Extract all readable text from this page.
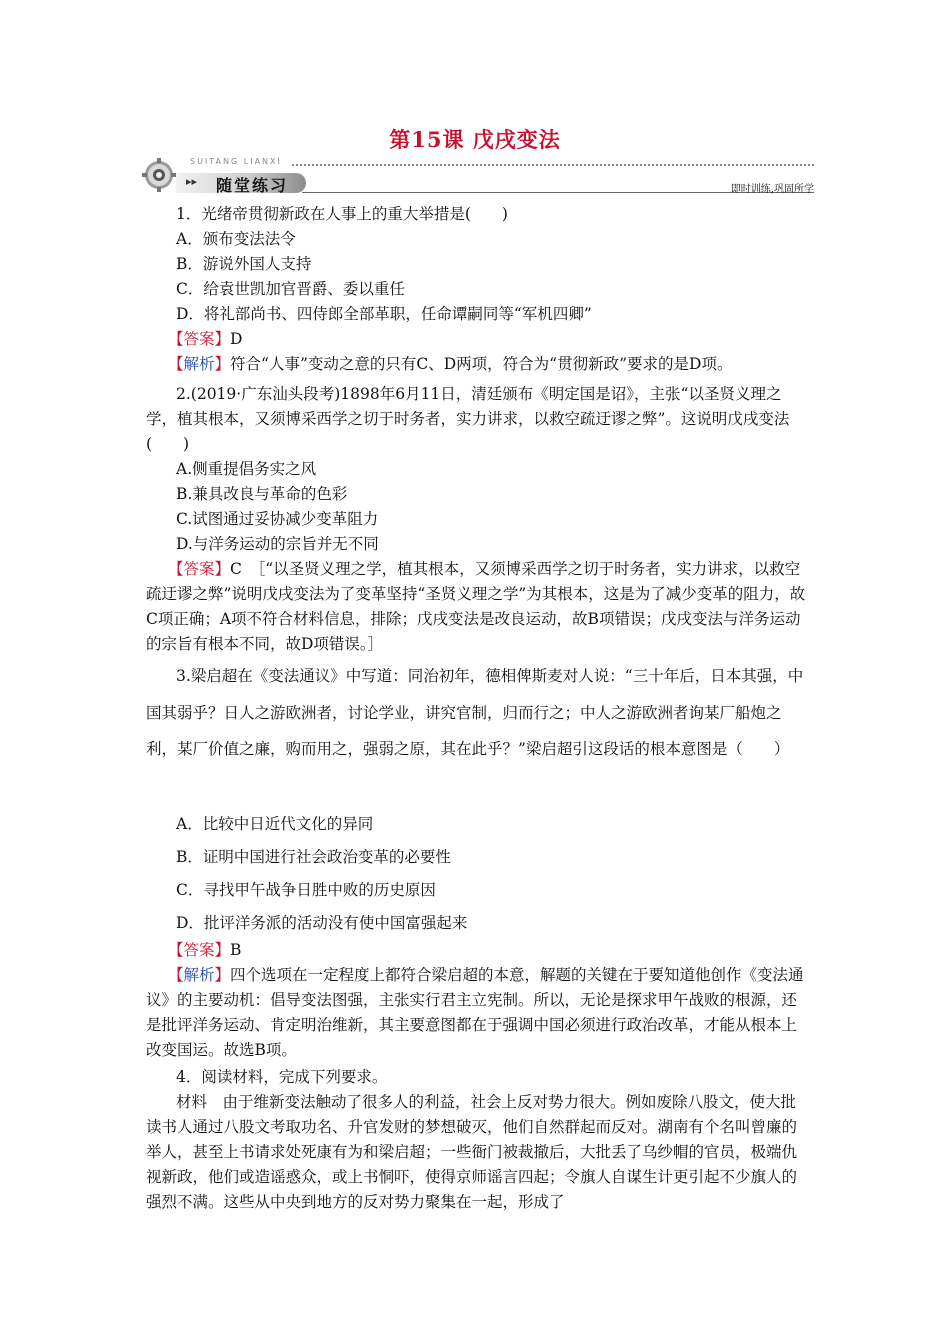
第15课 戊戌变法
SUITANG LIANXI
▸▸ 随堂练习	即时训练,巩固所学

1．光绪帝贯彻新政在人事上的重大举措是(　　)

A．颁布变法法令

B．游说外国人支持

C．给袁世凯加官晋爵、委以重任

D．将礼部尚书、四侍郎全部革职，任命谭嗣同等“军机四卿”

【答案】D

【解析】符合“人事”变动之意的只有C、D两项，符合为“贯彻新政”要求的是D项。

2.(2019·广东汕头段考)1898年6月11日，清廷颁布《明定国是诏》，主张“以圣贤义理之学，植其根本，又须博采西学之切于时务者，实力讲求，以救空疏迂谬之弊”。这说明戊戌变法(　　)

A.侧重提倡务实之风

B.兼具改良与革命的色彩

C.试图通过妥协减少变革阻力

D.与洋务运动的宗旨并无不同

【答案】C　 ［“以圣贤义理之学，植其根本，又须博采西学之切于时务者，实力讲求，以救空疏迂谬之弊”说明戊戌变法为了变革坚持“圣贤义理之学”为其根本，这是为了减少变革的阻力，故C项正确；A项不符合材料信息，排除；戊戌变法是改良运动，故B项错误；戊戌变法与洋务运动的宗旨有根本不同，故D项错误。］

3.梁启超在《变法通议》中写道：同治初年，德相俾斯麦对人说：“三十年后，日本其强，中国其弱乎？日人之游欧洲者，讨论学业，讲究官制，归而行之；中人之游欧洲者询某厂船炮之利，某厂价值之廉，购而用之，强弱之原，其在此乎？”梁启超引这段话的根本意图是（　　）

A．比较中日近代文化的异同

B．证明中国进行社会政治变革的必要性

C．寻找甲午战争日胜中败的历史原因

D．批评洋务派的活动没有使中国富强起来

【答案】B

【解析】四个选项在一定程度上都符合梁启超的本意，解题的关键在于要知道他创作《变法通议》的主要动机：倡导变法图强，主张实行君主立宪制。所以，无论是探求甲午战败的根源，还是批评洋务运动、肯定明治维新，其主要意图都在于强调中国必须进行政治改革，才能从根本上改变国运。故选B项。

4．阅读材料，完成下列要求。

材料　由于维新变法触动了很多人的利益，社会上反对势力很大。例如废除八股文，使大批读书人通过八股文考取功名、升官发财的梦想破灭，他们自然群起而反对。湖南有个名叫曾廉的举人，甚至上书请求处死康有为和梁启超；一些衙门被裁撤后，大批丢了乌纱帽的官员，极端仇视新政，他们或造谣惑众，或上书恫吓，使得京师谣言四起；令旗人自谋生计更引起不少旗人的强烈不满。这些从中央到地方的反对势力聚集在一起，形成了
